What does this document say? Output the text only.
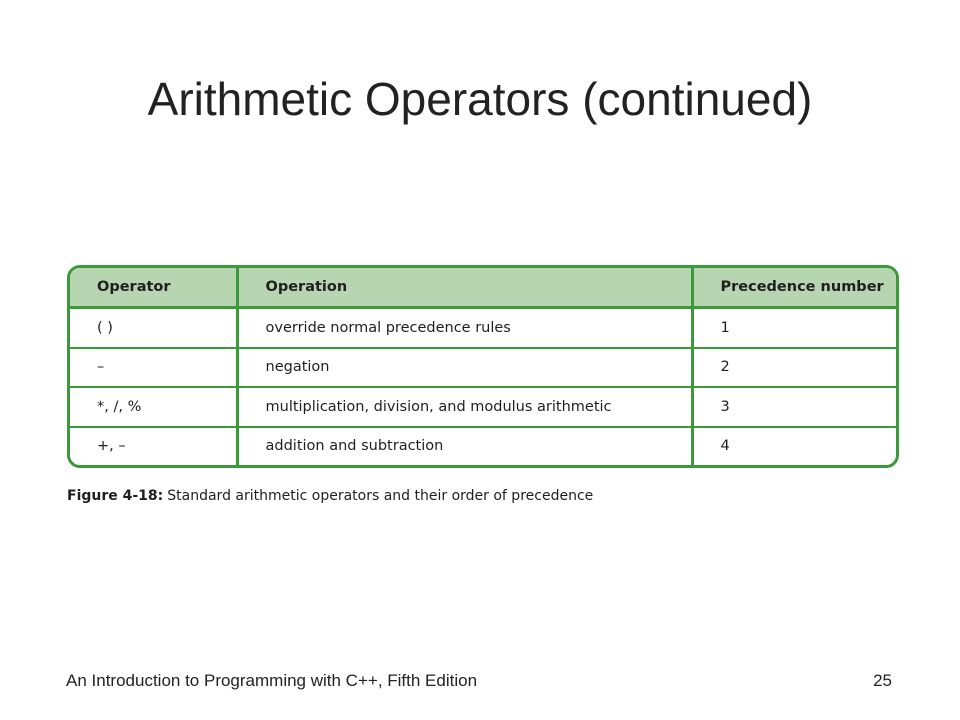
Arithmetic Operators (continued)
Operator	Operation	Precedence number
( )	override normal precedence rules	1
–	negation	2
*, /, %	multiplication, division, and modulus arithmetic	3
+, –	addition and subtraction	4
Figure 4-18: Standard arithmetic operators and their order of precedence
An Introduction to Programming with C++, Fifth Edition	25
